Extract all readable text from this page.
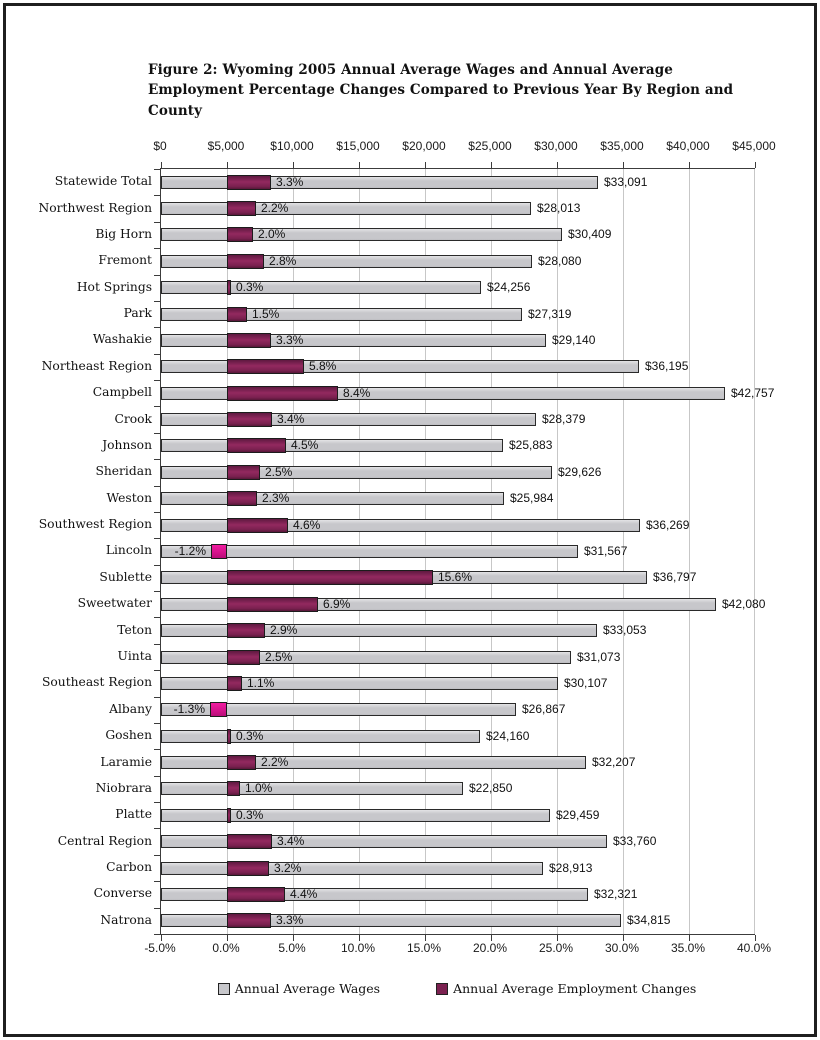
Figure 2: Wyoming 2005 Annual Average Wages and Annual Average Employment Percentage Changes Compared to Previous Year By Region and County
$0	$5,000	$10,000	$15,000	$20,000	$25,000	$30,000	$35,000	$40,000	$45,000
Statewide Total
Northwest Region
Big Horn
Fremont
Hot Springs
Park
Washakie
Northeast Region
Campbell
Crook
Johnson
Sheridan
Weston
Southwest Region
Lincoln
Sublette
Sweetwater
Teton
Uinta
Southeast Region
Albany
Goshen
Laramie
Niobrara
Platte
Central Region
Carbon
Converse
Natrona
3.3%	$33,091
2.2%	$28,013
2.0%	$30,409
2.8%	$28,080
0.3%	$24,256
1.5%	$27,319
3.3%	$29,140
5.8%	$36,195
8.4%	$42,757
3.4%	$28,379
4.5%	$25,883
2.5%	$29,626
2.3%	$25,984
4.6%	$36,269
-1.2%	$31,567
15.6%	$36,797
6.9%	$42,080
2.9%	$33,053
2.5%	$31,073
1.1%	$30,107
-1.3%	$26,867
0.3%	$24,160
2.2%	$32,207
1.0%	$22,850
0.3%	$29,459
3.4%	$33,760
3.2%	$28,913
4.4%	$32,321
3.3%	$34,815
-5.0%	0.0%	5.0%	10.0%	15.0%	20.0%	25.0%	30.0%	35.0%	40.0%
Annual Average Wages	Annual Average Employment Changes
